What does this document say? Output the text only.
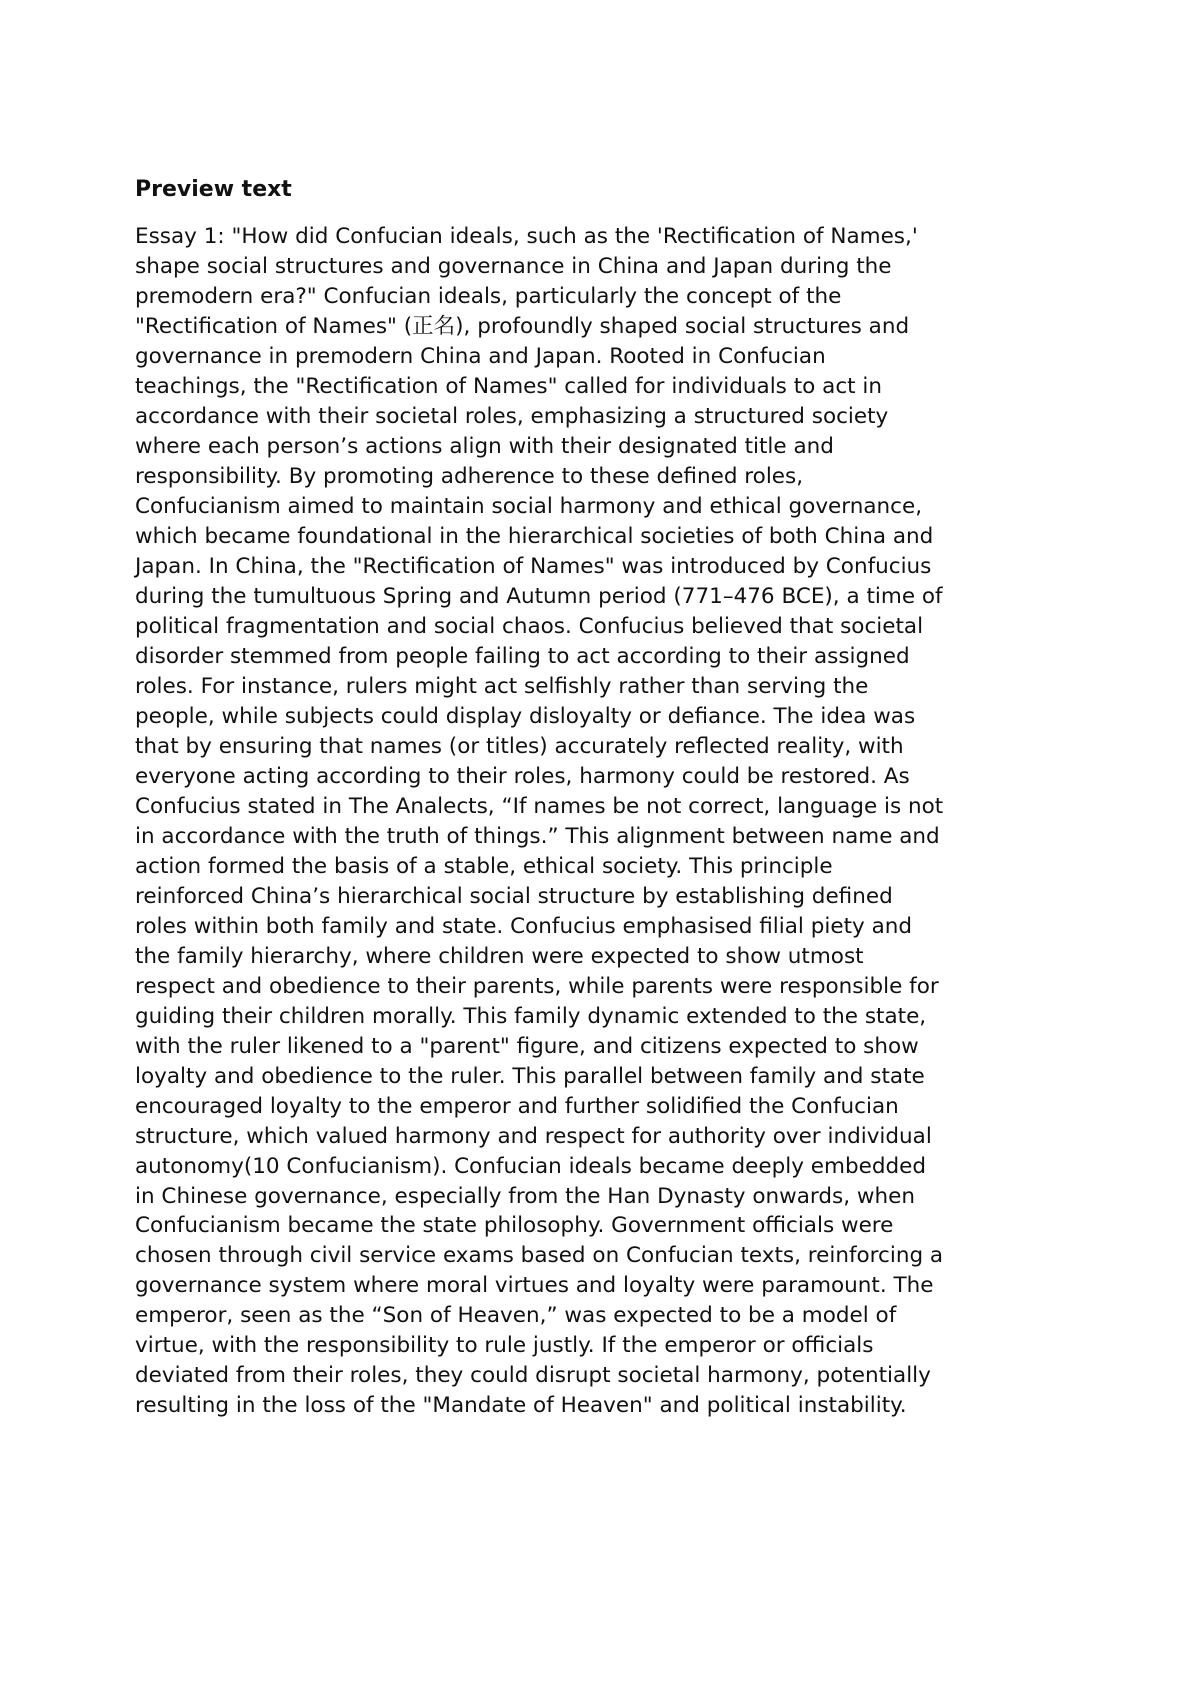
Preview text
Essay 1: "How did Confucian ideals, such as the 'Rectification of Names,'
shape social structures and governance in China and Japan during the
premodern era?" Confucian ideals, particularly the concept of the
"Rectification of Names" (正名), profoundly shaped social structures and
governance in premodern China and Japan. Rooted in Confucian
teachings, the "Rectification of Names" called for individuals to act in
accordance with their societal roles, emphasizing a structured society
where each person’s actions align with their designated title and
responsibility. By promoting adherence to these defined roles,
Confucianism aimed to maintain social harmony and ethical governance,
which became foundational in the hierarchical societies of both China and
Japan. In China, the "Rectification of Names" was introduced by Confucius
during the tumultuous Spring and Autumn period (771–476 BCE), a time of
political fragmentation and social chaos. Confucius believed that societal
disorder stemmed from people failing to act according to their assigned
roles. For instance, rulers might act selfishly rather than serving the
people, while subjects could display disloyalty or defiance. The idea was
that by ensuring that names (or titles) accurately reflected reality, with
everyone acting according to their roles, harmony could be restored. As
Confucius stated in The Analects, “If names be not correct, language is not
in accordance with the truth of things.” This alignment between name and
action formed the basis of a stable, ethical society. This principle
reinforced China’s hierarchical social structure by establishing defined
roles within both family and state. Confucius emphasised filial piety and
the family hierarchy, where children were expected to show utmost
respect and obedience to their parents, while parents were responsible for
guiding their children morally. This family dynamic extended to the state,
with the ruler likened to a "parent" figure, and citizens expected to show
loyalty and obedience to the ruler. This parallel between family and state
encouraged loyalty to the emperor and further solidified the Confucian
structure, which valued harmony and respect for authority over individual
autonomy(10 Confucianism). Confucian ideals became deeply embedded
in Chinese governance, especially from the Han Dynasty onwards, when
Confucianism became the state philosophy. Government officials were
chosen through civil service exams based on Confucian texts, reinforcing a
governance system where moral virtues and loyalty were paramount. The
emperor, seen as the “Son of Heaven,” was expected to be a model of
virtue, with the responsibility to rule justly. If the emperor or officials
deviated from their roles, they could disrupt societal harmony, potentially
resulting in the loss of the "Mandate of Heaven" and political instability.
